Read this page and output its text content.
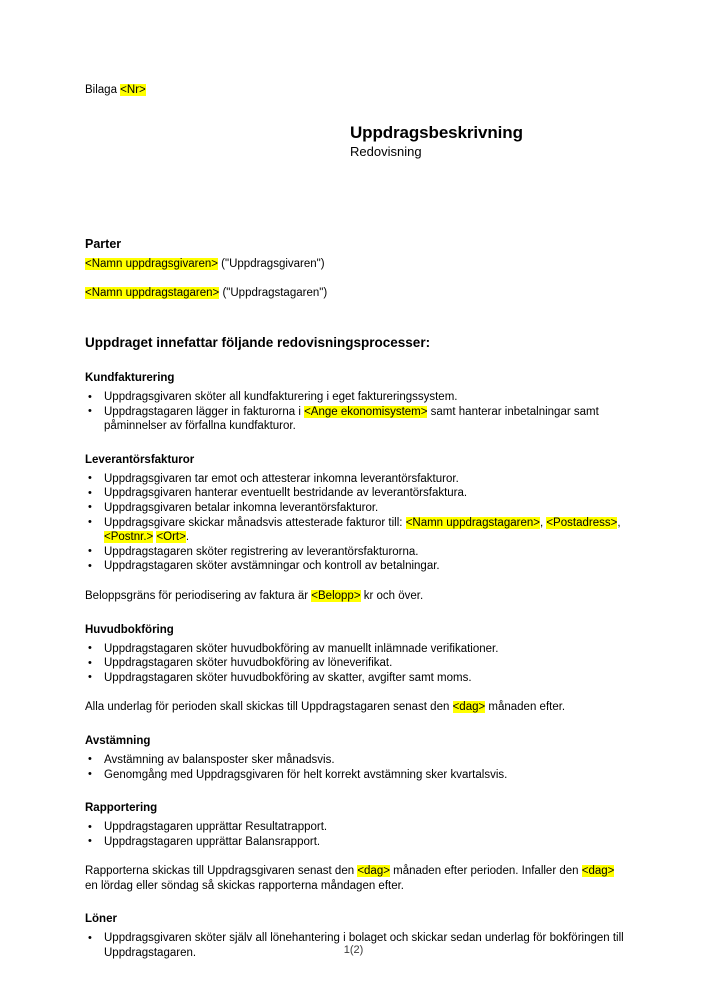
Bilaga <Nr>

Uppdragsbeskrivning

Redovisning

Parter

<Namn uppdragsgivaren> ("Uppdragsgivaren")

<Namn uppdragstagaren> ("Uppdragstagaren")

Uppdraget innefattar följande redovisningsprocesser:
Kundfakturering
• Uppdragsgivaren sköter all kundfakturering i eget faktureringssystem.
• Uppdragstagaren lägger in fakturorna i <Ange ekonomisystem> samt hanterar inbetalningar samt påminnelser av förfallna kundfakturor.
Leverantörsfakturor
• Uppdragsgivaren tar emot och attesterar inkomna leverantörsfakturor.
• Uppdragsgivaren hanterar eventuellt bestridande av leverantörsfaktura.
• Uppdragsgivaren betalar inkomna leverantörsfakturor.
• Uppdragsgivare skickar månadsvis attesterade fakturor till: <Namn uppdragstagaren>, <Postadress>, <Postnr.> <Ort>.
• Uppdragstagaren sköter registrering av leverantörsfakturorna.
• Uppdragstagaren sköter avstämningar och kontroll av betalningar.

Beloppsgräns för periodisering av faktura är <Belopp> kr och över.

Huvudbokföring
• Uppdragstagaren sköter huvudbokföring av manuellt inlämnade verifikationer.
• Uppdragstagaren sköter huvudbokföring av löneverifikat.
• Uppdragstagaren sköter huvudbokföring av skatter, avgifter samt moms.

Alla underlag för perioden skall skickas till Uppdragstagaren senast den <dag> månaden efter.

Avstämning
• Avstämning av balansposter sker månadsvis.
• Genomgång med Uppdragsgivaren för helt korrekt avstämning sker kvartalsvis.
Rapportering
• Uppdragstagaren upprättar Resultatrapport.
• Uppdragstagaren upprättar Balansrapport.

Rapporterna skickas till Uppdragsgivaren senast den <dag> månaden efter perioden. Infaller den <dag> en lördag eller söndag så skickas rapporterna måndagen efter.

Löner
• Uppdragsgivaren sköter själv all lönehantering i bolaget och skickar sedan underlag för bokföringen till Uppdragstagaren.	1(2)
